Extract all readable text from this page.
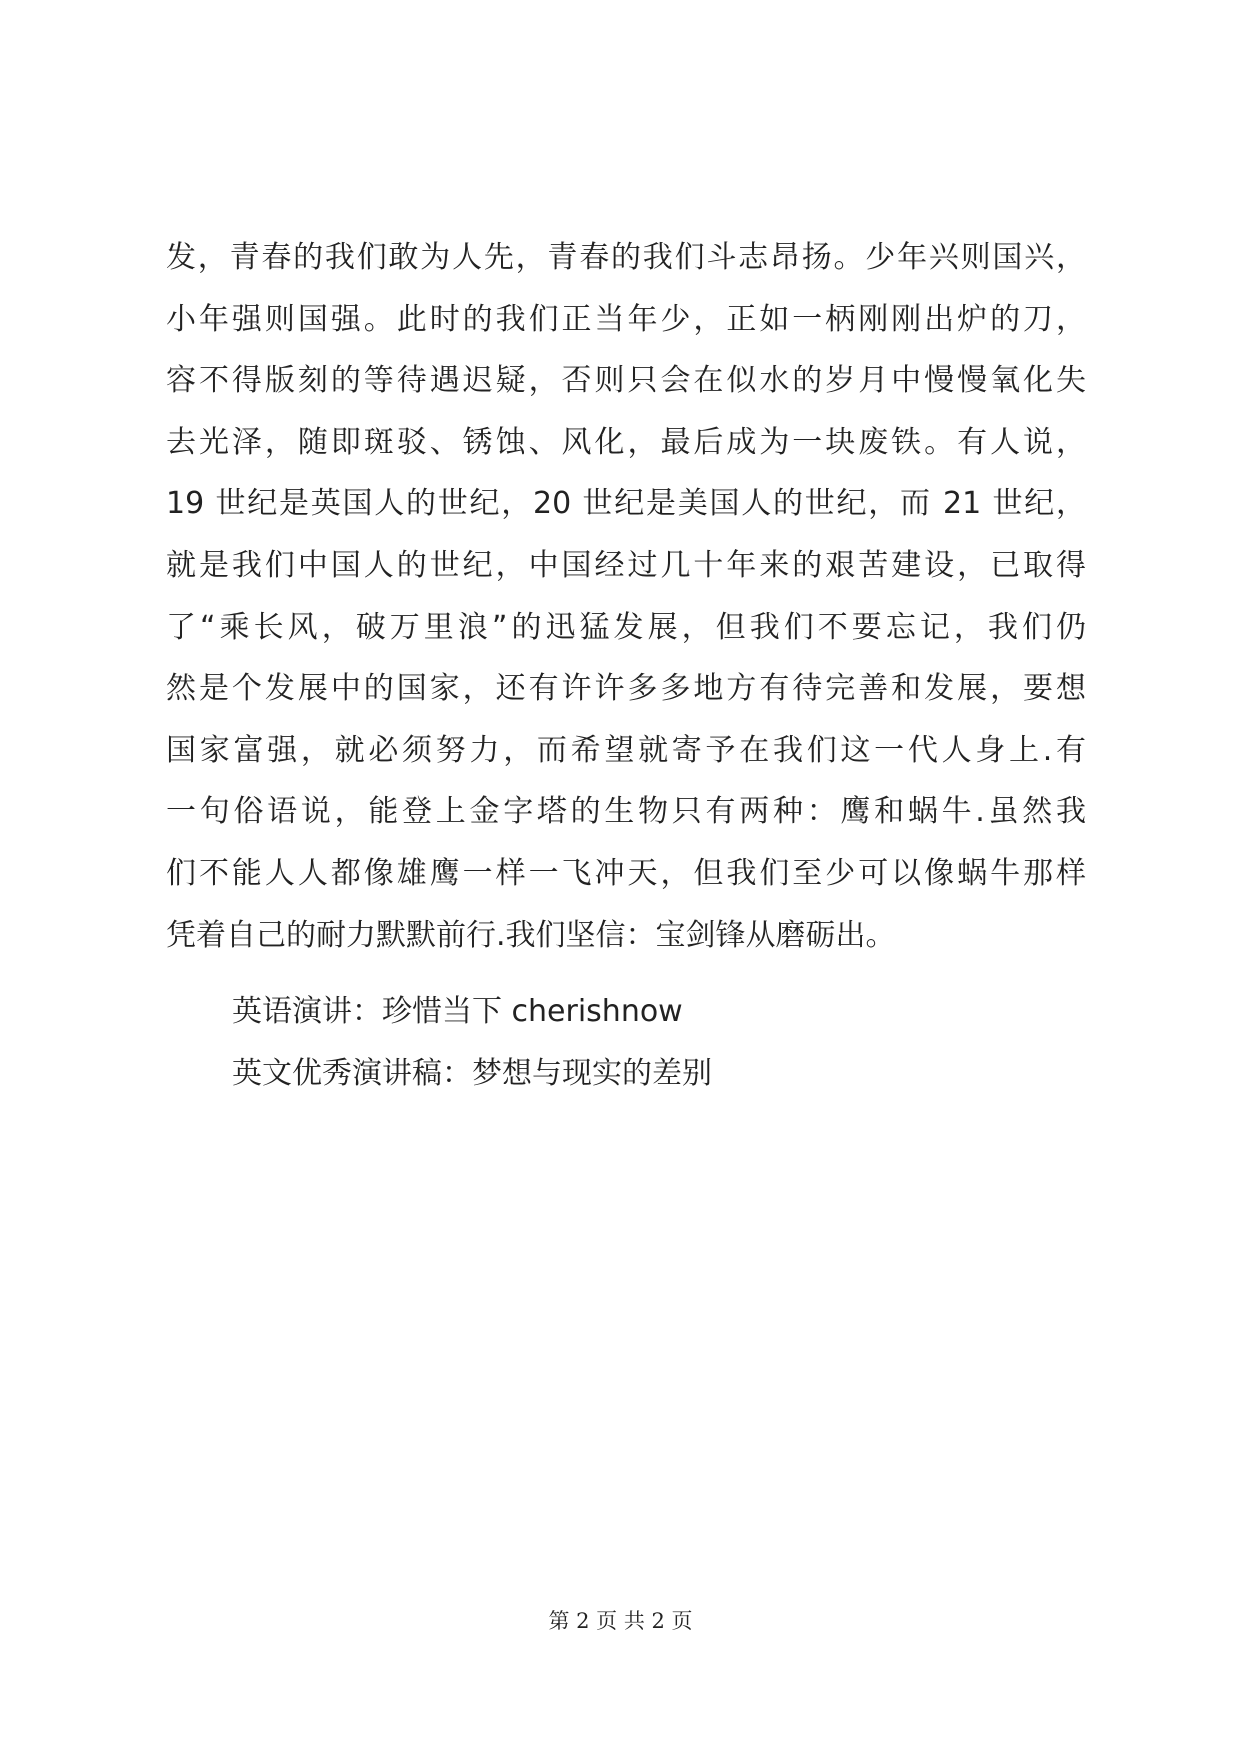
发，青春的我们敢为人先，青春的我们斗志昂扬。少年兴则国兴，
小年强则国强。此时的我们正当年少，正如一柄刚刚出炉的刀，
容不得版刻的等待遇迟疑，否则只会在似水的岁月中慢慢氧化失
去光泽，随即斑驳、锈蚀、风化，最后成为一块废铁。有人说，
19 世纪是英国人的世纪，20 世纪是美国人的世纪，而 21 世纪，
就是我们中国人的世纪，中国经过几十年来的艰苦建设，已取得
了“乘长风，破万里浪”的迅猛发展，但我们不要忘记，我们仍
然是个发展中的国家，还有许许多多地方有待完善和发展，要想
国家富强，就必须努力，而希望就寄予在我们这一代人身上.有
一句俗语说，能登上金字塔的生物只有两种：鹰和蜗牛.虽然我
们不能人人都像雄鹰一样一飞冲天，但我们至少可以像蜗牛那样
凭着自己的耐力默默前行.我们坚信：宝剑锋从磨砺出。
英语演讲：珍惜当下 cherishnow
英文优秀演讲稿：梦想与现实的差别
第 2 页 共 2 页
